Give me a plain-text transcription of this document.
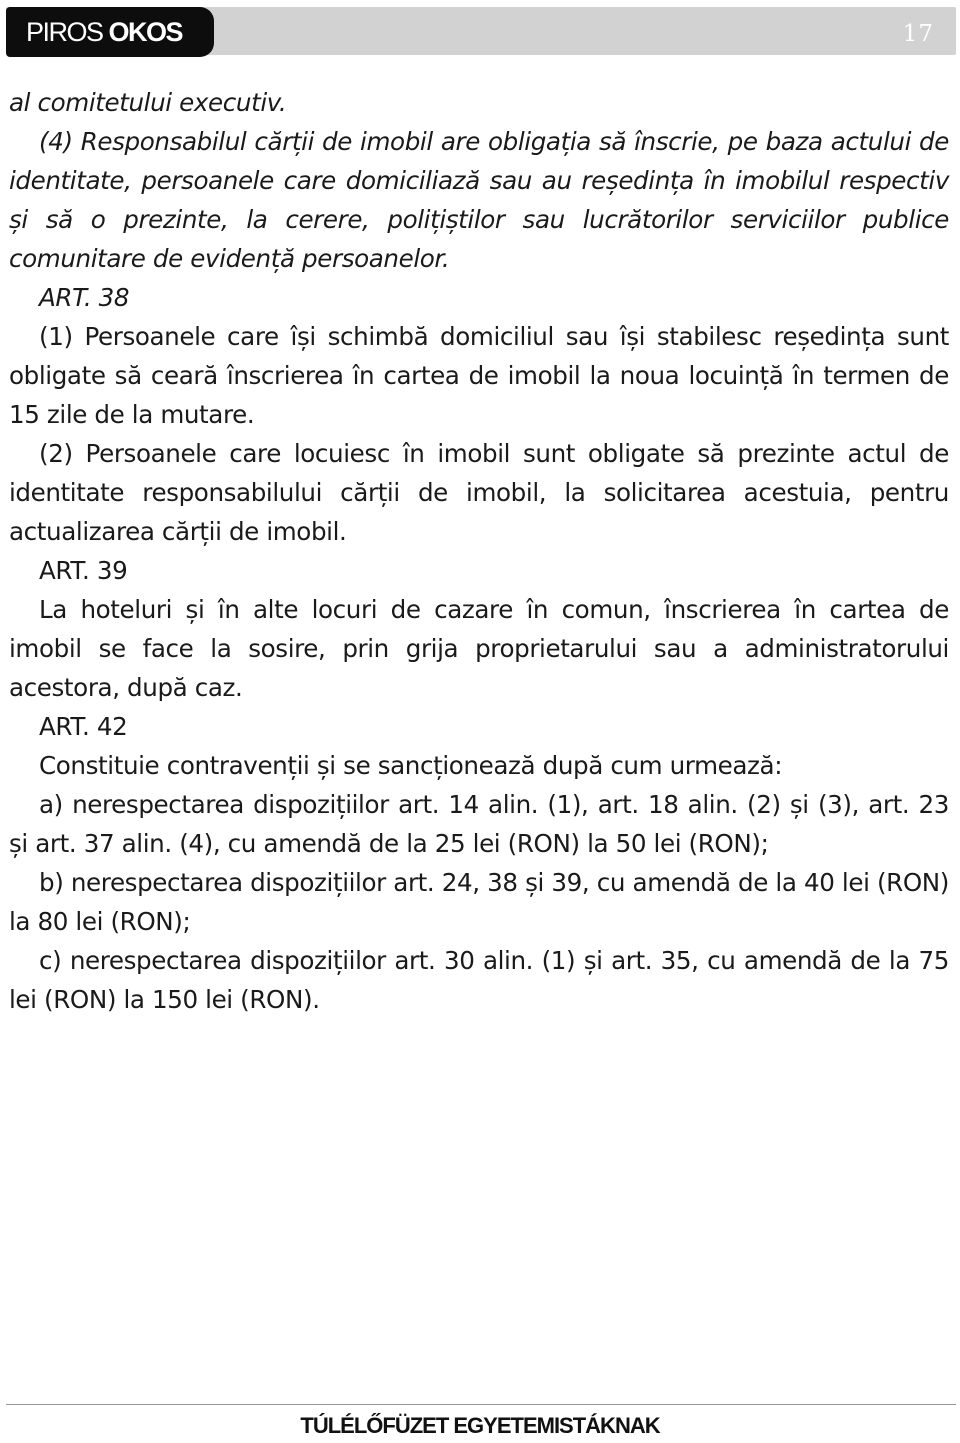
PIROS OKOS	17

al comitetului executiv.

(4) Responsabilul cărții de imobil are obligația să înscrie, pe baza actului de identitate, persoanele care domiciliază sau au reședința în imobilul respectiv și să o prezinte, la cerere, polițiștilor sau lucrătorilor serviciilor publice comunitare de evidență persoanelor.

ART. 38

(1) Persoanele care își schimbă domiciliul sau își stabilesc reședința sunt obligate să ceară înscrierea în cartea de imobil la noua locuință în termen de 15 zile de la mutare.

(2) Persoanele care locuiesc în imobil sunt obligate să prezinte actul de identitate responsabilului cărții de imobil, la solicitarea acestuia, pentru actualizarea cărții de imobil.

ART. 39

La hoteluri și în alte locuri de cazare în comun, înscrierea în cartea de imobil se face la sosire, prin grija proprietarului sau a administratorului acestora, după caz.

ART. 42

Constituie contravenții și se sancționează după cum urmează:

a) nerespectarea dispozițiilor art. 14 alin. (1), art. 18 alin. (2) și (3), art. 23 și art. 37 alin. (4), cu amendă de la 25 lei (RON) la 50 lei (RON);

b) nerespectarea dispozițiilor art. 24, 38 și 39, cu amendă de la 40 lei (RON) la 80 lei (RON);

c) nerespectarea dispozițiilor art. 30 alin. (1) și art. 35, cu amendă de la 75 lei (RON) la 150 lei (RON).

TÚLÉLŐFÜZET EGYETEMISTÁKNAK
